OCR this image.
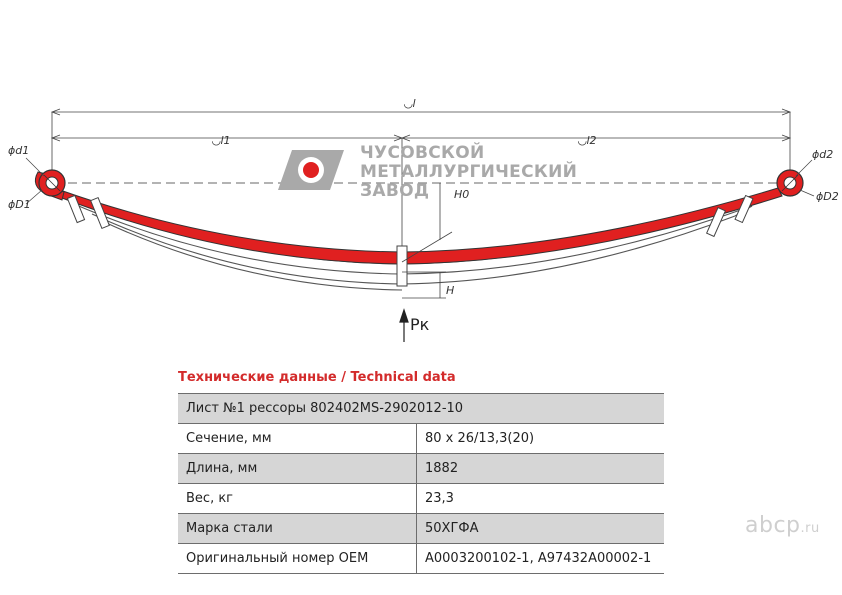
◡l
◡l1	◡l2
ϕd1
ϕD1
ϕd2
ϕD2
H0
H
Рк
ЧУСОВСКОЙ
МЕТАЛЛУРГИЧЕСКИЙ
ЗАВОД
Технические данные / Technical data
Лист №1 рессоры 802402MS-2902012-10	
Сечение, мм	80 х 26/13,3(20)
Длина, мм	1882
Вес, кг	23,3
Марка стали	50ХГФА
Оригинальный номер OEM	A0003200102-1, A97432A00002-1
abcp.ru
